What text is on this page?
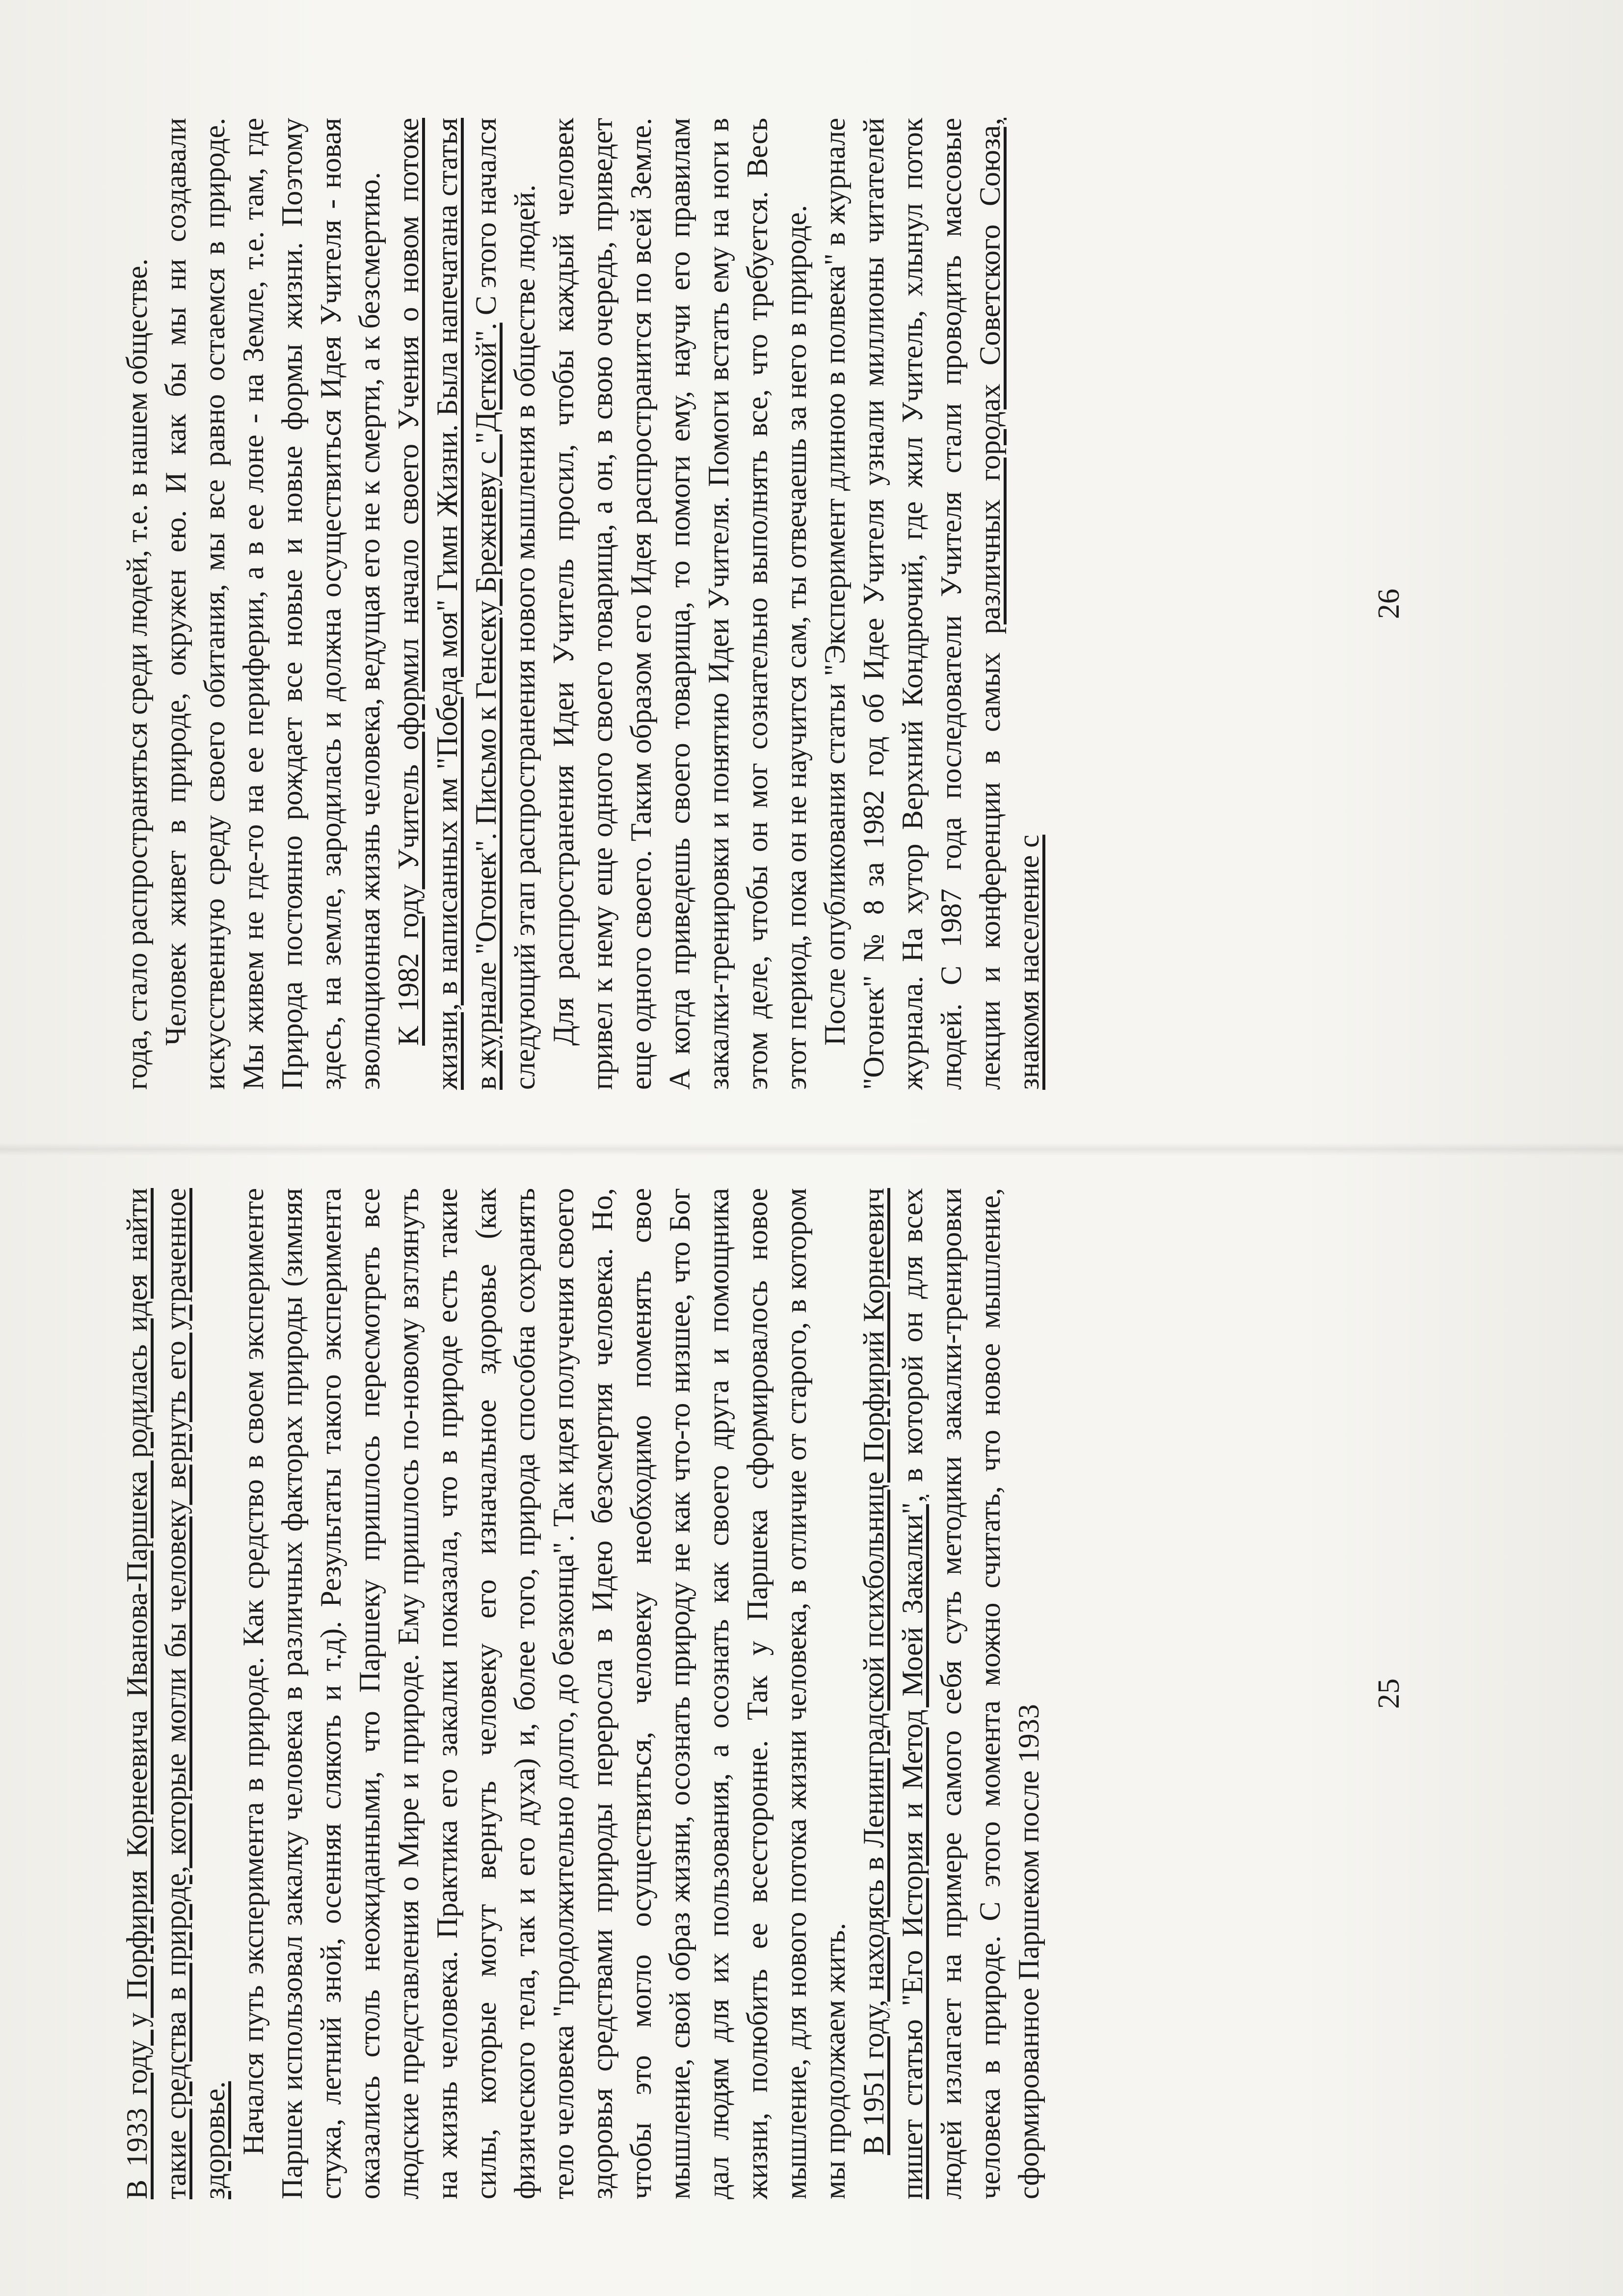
В 1933 году у Порфирия Корнеевича Иванова-Паршека родилась идея найти такие средства в природе, которые могли бы человеку вернуть его утраченное здоровье. Начался путь эксперимента в природе. Как средство в своем эксперименте Паршек использовал закалку человека в различных факторах природы (зимняя стужа, летний зной, осенняя слякоть и т.д). Результаты такого эксперимента оказались столь неожиданными, что Паршеку пришлось пересмотреть все людские представления о Мире и природе. Ему пришлось по-новому взглянуть на жизнь человека. Практика его закалки показала, что в природе есть такие силы, которые могут вернуть человеку его изначальное здоровье (как физического тела, так и его духа) и, более того, природа способна сохранять тело человека "продолжительно долго, до безконца". Так идея получения своего здоровья средствами природы переросла в Идею безсмертия человека. Но, чтобы это могло осуществиться, человеку необходимо поменять свое мышление, свой образ жизни, осознать природу не как что-то низшее, что Бог дал людям для их пользования, а осознать как своего друга и помощника жизни, полюбить ее всесторонне. Так у Паршека сформировалось новое мышление, для нового потока жизни человека, в отличие от старого, в котором мы продолжаем жить. В 1951 году, находясь в Ленинградской психбольнице Порфирий Корнеевич пишет статью "Его История и Метод Моей Закалки", в которой он для всех людей излагает на примере самого себя суть методики закалки-тренировки человека в природе. С этого момента можно считать, что новое мышление, сформированное Паршеком после 1933

25

года, стало распространяться среди людей, т.е. в нашем обществе. Человек живет в природе, окружен ею. И как бы мы ни создавали искусственную среду своего обитания, мы все равно остаемся в природе. Мы живем не где-то на ее периферии, а в ее лоне - на Земле, т.е. там, где Природа постоянно рождает все новые и новые формы жизни. Поэтому здесь, на земле, зародилась и должна осуществиться Идея Учителя - новая эволюционная жизнь человека, ведущая его не к смерти, а к безсмертию. К 1982 году Учитель оформил начало своего Учения о новом потоке жизни, в написанных им "Победа моя" Гимн Жизни. Была напечатана статья в журнале "Огонек". Письмо к Генсеку Брежневу с "Деткой". С этого начался следующий этап распространения нового мышления в обществе людей. Для распространения Идеи Учитель просил, чтобы каждый человек привел к нему еще одного своего товарища, а он, в свою очередь, приведет еще одного своего. Таким образом его Идея распространится по всей Земле. А когда приведешь своего товарища, то помоги ему, научи его правилам закалки-тренировки и понятию Идеи Учителя. Помоги встать ему на ноги в этом деле, чтобы он мог сознательно выполнять все, что требуется. Весь этот период, пока он не научится сам, ты отвечаешь за него в природе. После опубликования статьи "Эксперимент длиною в полвека" в журнале "Огонек" № 8 за 1982 год об Идее Учителя узнали миллионы читателей журнала. На хутор Верхний Кондрючий, где жил Учитель, хлынул поток людей. С 1987 года последователи Учителя стали проводить массовые лекции и конференции в самых различных городах Советского Союза, знакомя население с

26
